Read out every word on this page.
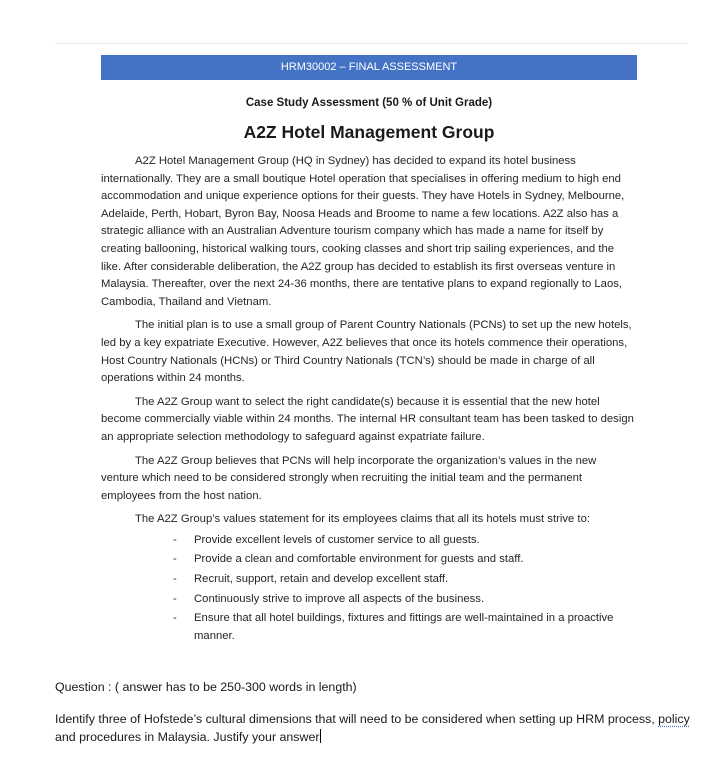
HRM30002 – FINAL ASSESSMENT
Case Study Assessment (50 % of Unit Grade)
A2Z Hotel Management Group

A2Z Hotel Management Group (HQ in Sydney) has decided to expand its hotel business internationally. They are a small boutique Hotel operation that specialises in offering medium to high end accommodation and unique experience options for their guests. They have Hotels in Sydney, Melbourne, Adelaide, Perth, Hobart, Byron Bay, Noosa Heads and Broome to name a few locations. A2Z also has a strategic alliance with an Australian Adventure tourism company which has made a name for itself by creating ballooning, historical walking tours, cooking classes and short trip sailing experiences, and the like. After considerable deliberation, the A2Z group has decided to establish its first overseas venture in Malaysia. Thereafter, over the next 24-36 months, there are tentative plans to expand regionally to Laos, Cambodia, Thailand and Vietnam.

The initial plan is to use a small group of Parent Country Nationals (PCNs) to set up the new hotels, led by a key expatriate Executive. However, A2Z believes that once its hotels commence their operations, Host Country Nationals (HCNs) or Third Country Nationals (TCN’s) should be made in charge of all operations within 24 months.

The A2Z Group want to select the right candidate(s) because it is essential that the new hotel become commercially viable within 24 months. The internal HR consultant team has been tasked to design an appropriate selection methodology to safeguard against expatriate failure.

The A2Z Group believes that PCNs will help incorporate the organization’s values in the new venture which need to be considered strongly when recruiting the initial team and the permanent employees from the host nation.

The A2Z Group’s values statement for its employees claims that all its hotels must strive to:

- Provide excellent levels of customer service to all guests.
- Provide a clean and comfortable environment for guests and staff.
- Recruit, support, retain and develop excellent staff.
- Continuously strive to improve all aspects of the business.
- Ensure that all hotel buildings, fixtures and fittings are well-maintained in a proactive manner.

Question : ( answer has to be 250-300 words in length)

Identify three of Hofstede’s cultural dimensions that will need to be considered when setting up HRM process, policy and procedures in Malaysia. Justify your answer
